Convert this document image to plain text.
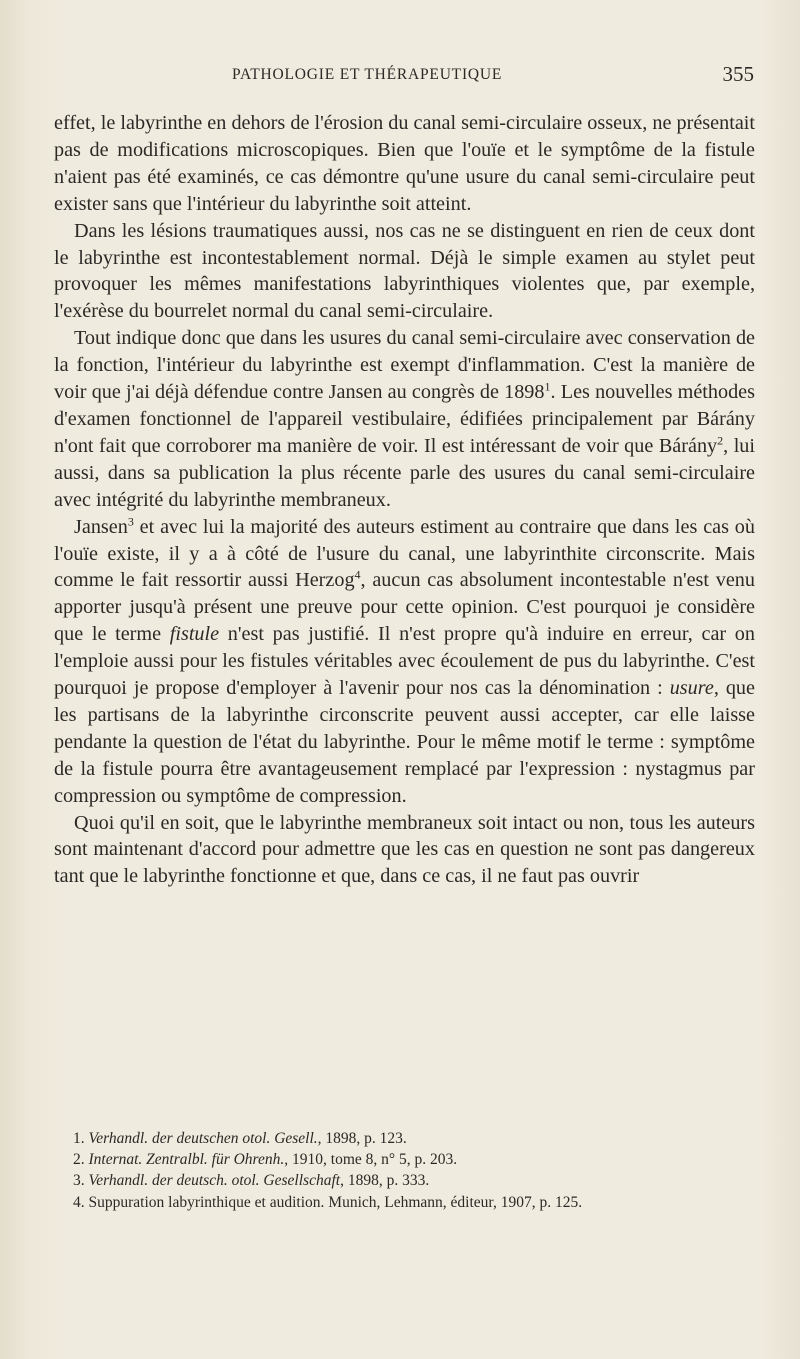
PATHOLOGIE ET THÉRAPEUTIQUE	355

effet, le labyrinthe en dehors de l'érosion du canal semi-circulaire osseux, ne présentait pas de modifications microscopiques. Bien que l'ouïe et le symptôme de la fistule n'aient pas été examinés, ce cas démontre qu'une usure du canal semi-circulaire peut exister sans que l'intérieur du labyrinthe soit atteint.

Dans les lésions traumatiques aussi, nos cas ne se distinguent en rien de ceux dont le labyrinthe est incontestablement normal. Déjà le simple examen au stylet peut provoquer les mêmes manifestations labyrinthiques violentes que, par exemple, l'exérèse du bourrelet normal du canal semi-circulaire.

Tout indique donc que dans les usures du canal semi-circulaire avec conservation de la fonction, l'intérieur du labyrinthe est exempt d'inflammation. C'est la manière de voir que j'ai déjà défendue contre Jansen au congrès de 1898$^1$. Les nouvelles méthodes d'examen fonctionnel de l'appareil vestibulaire, édifiées principalement par Bárány n'ont fait que corroborer ma manière de voir. Il est intéressant de voir que Bárány$^2$, lui aussi, dans sa publication la plus récente parle des usures du canal semi-circulaire avec intégrité du labyrinthe membraneux.

Jansen$^3$ et avec lui la majorité des auteurs estiment au contraire que dans les cas où l'ouïe existe, il y a à côté de l'usure du canal, une labyrinthite circonscrite. Mais comme le fait ressortir aussi Herzog$^4$, aucun cas absolument incontestable n'est venu apporter jusqu'à présent une preuve pour cette opinion. C'est pourquoi je considère que le terme fistule n'est pas justifié. Il n'est propre qu'à induire en erreur, car on l'emploie aussi pour les fistules véritables avec écoulement de pus du labyrinthe. C'est pourquoi je propose d'employer à l'avenir pour nos cas la dénomination : usure, que les partisans de la labyrinthe circonscrite peuvent aussi accepter, car elle laisse pendante la question de l'état du labyrinthe. Pour le même motif le terme : symptôme de la fistule pourra être avantageusement remplacé par l'expression : nystagmus par compression ou symptôme de compression.

Quoi qu'il en soit, que le labyrinthe membraneux soit intact ou non, tous les auteurs sont maintenant d'accord pour admettre que les cas en question ne sont pas dangereux tant que le labyrinthe fonctionne et que, dans ce cas, il ne faut pas ouvrir

1. Verhandl. der deutschen otol. Gesell., 1898, p. 123.

2. Internat. Zentralbl. für Ohrenh., 1910, tome 8, n° 5, p. 203.

3. Verhandl. der deutsch. otol. Gesellschaft, 1898, p. 333.

4. Suppuration labyrinthique et audition. Munich, Lehmann, éditeur, 1907, p. 125.
